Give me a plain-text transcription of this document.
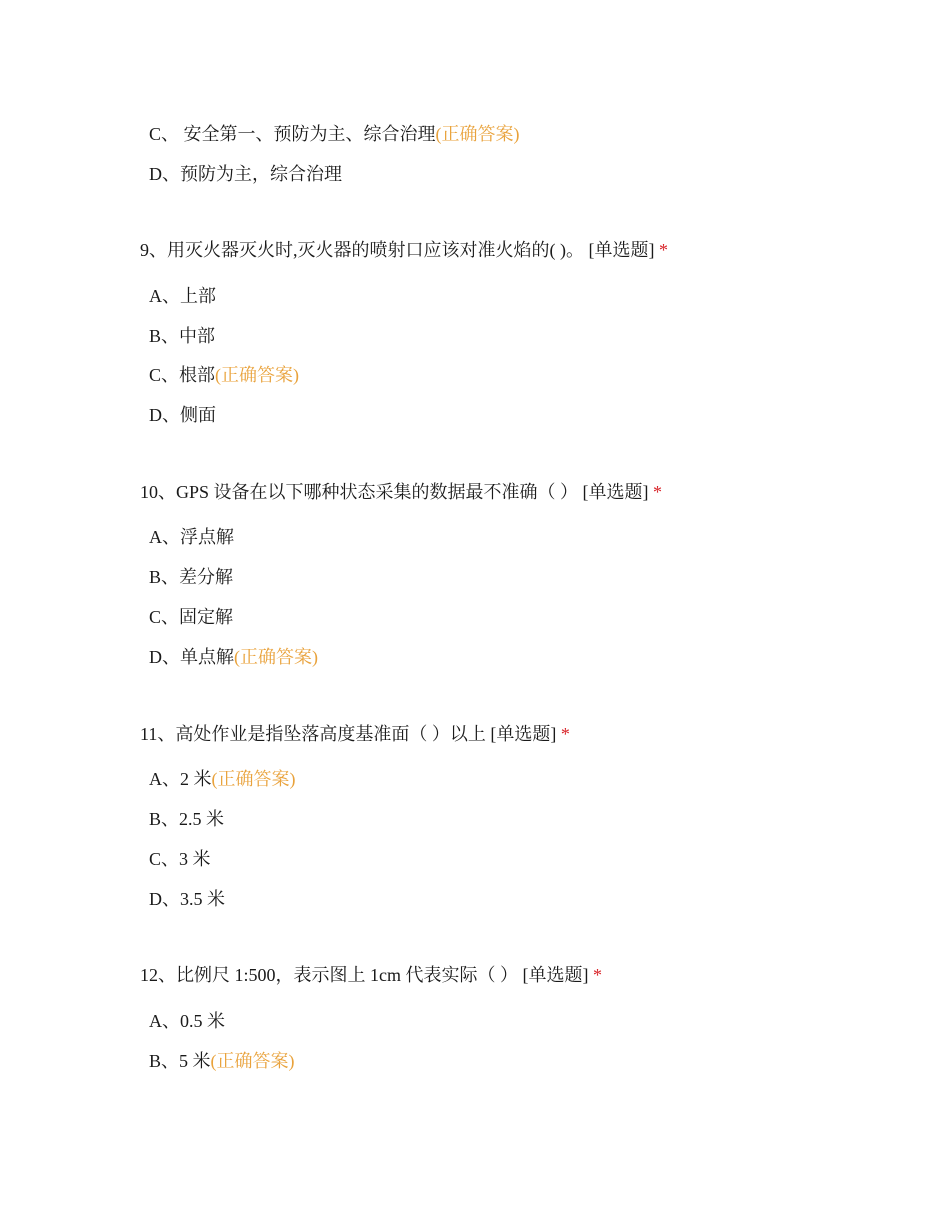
C、 安全第一、预防为主、综合治理(正确答案)
D、预防为主，综合治理
9、用灭火器灭火时,灭火器的喷射口应该对准火焰的( )。 [单选题] *
A、上部
B、中部
C、根部(正确答案)
D、侧面
10、GPS 设备在以下哪种状态采集的数据最不准确（ ） [单选题] *
A、浮点解
B、差分解
C、固定解
D、单点解(正确答案)
11、高处作业是指坠落高度基准面（ ）以上 [单选题] *
A、2 米(正确答案)
B、2.5 米
C、3 米
D、3.5 米
12、比例尺 1:500，表示图上 1cm 代表实际（ ） [单选题] *
A、0.5 米
B、5 米(正确答案)
